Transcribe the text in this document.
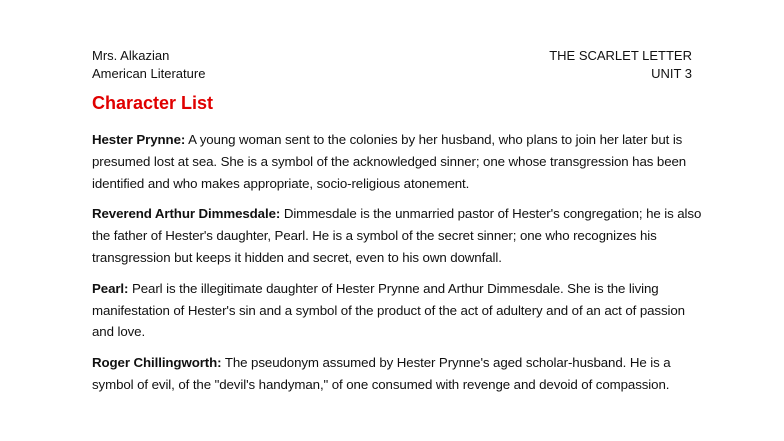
Mrs. Alkazian
American Literature
THE SCARLET LETTER
UNIT 3
Character List

Hester Prynne: A young woman sent to the colonies by her husband, who plans to join her later but is presumed lost at sea. She is a symbol of the acknowledged sinner; one whose transgression has been identified and who makes appropriate, socio-religious atonement.

Reverend Arthur Dimmesdale: Dimmesdale is the unmarried pastor of Hester's congregation; he is also the father of Hester's daughter, Pearl. He is a symbol of the secret sinner; one who recognizes his transgression but keeps it hidden and secret, even to his own downfall.

Pearl: Pearl is the illegitimate daughter of Hester Prynne and Arthur Dimmesdale. She is the living manifestation of Hester's sin and a symbol of the product of the act of adultery and of an act of passion and love.

Roger Chillingworth: The pseudonym assumed by Hester Prynne's aged scholar-husband. He is a symbol of evil, of the "devil's handyman," of one consumed with revenge and devoid of compassion.
